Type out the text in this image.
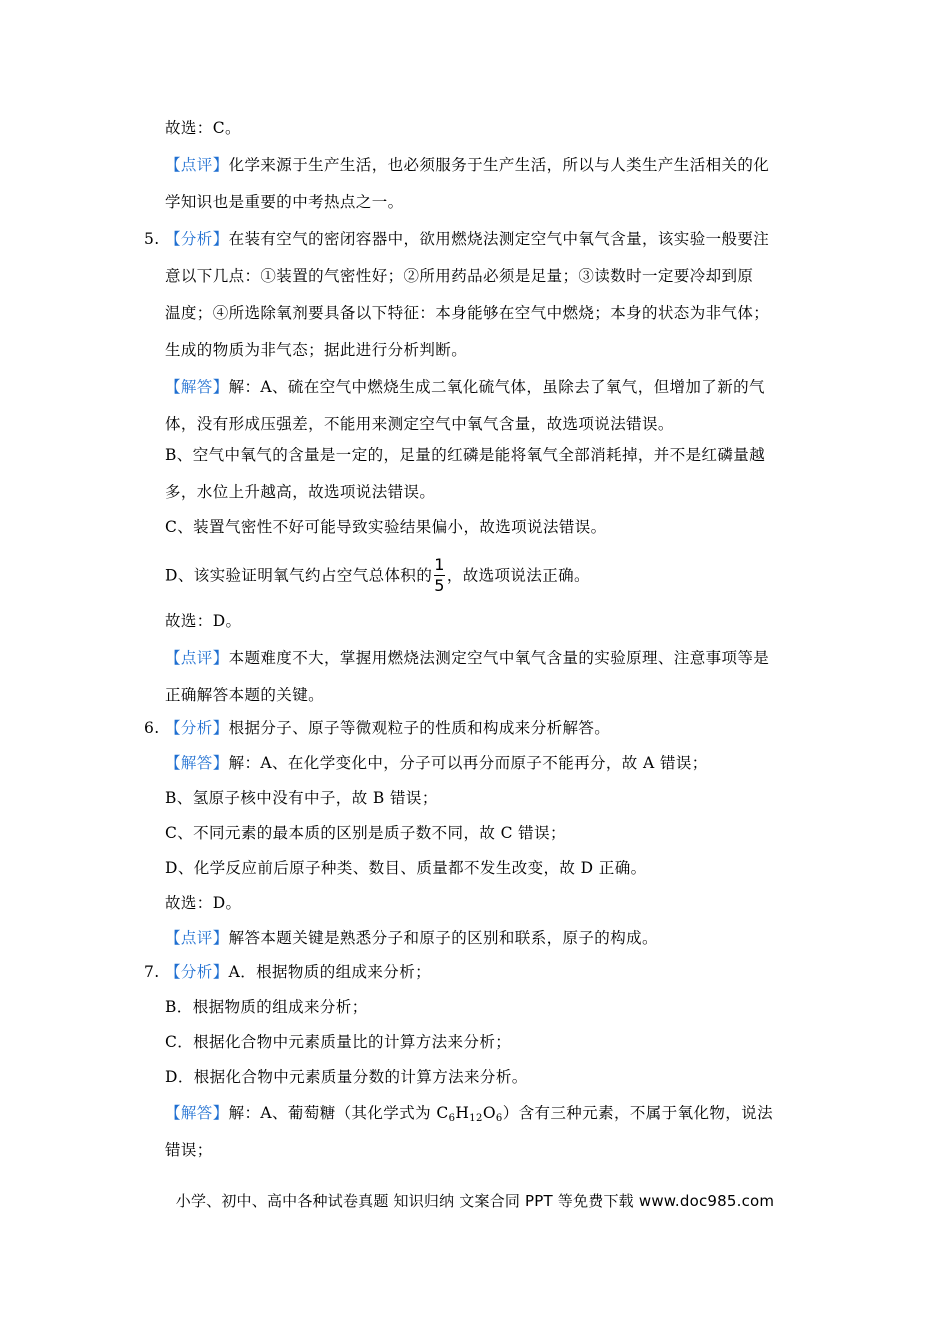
故选：C。
【点评】化学来源于生产生活，也必须服务于生产生活，所以与人类生产生活相关的化
学知识也是重要的中考热点之一。
5. 【分析】在装有空气的密闭容器中，欲用燃烧法测定空气中氧气含量，该实验一般要注
意以下几点：①装置的气密性好；②所用药品必须是足量；③读数时一定要冷却到原
温度；④所选除氧剂要具备以下特征：本身能够在空气中燃烧；本身的状态为非气体；
生成的物质为非气态；据此进行分析判断。
【解答】解：A、硫在空气中燃烧生成二氧化硫气体，虽除去了氧气，但增加了新的气
体，没有形成压强差，不能用来测定空气中氧气含量，故选项说法错误。
B、空气中氧气的含量是一定的，足量的红磷是能将氧气全部消耗掉，并不是红磷量越
多，水位上升越高，故选项说法错误。
C、装置气密性不好可能导致实验结果偏小，故选项说法错误。
D、该实验证明氧气约占空气总体积的 $\frac{1}{5}$ ，故选项说法正确。
故选：D。
【点评】本题难度不大，掌握用燃烧法测定空气中氧气含量的实验原理、注意事项等是
正确解答本题的关键。
6. 【分析】根据分子、原子等微观粒子的性质和构成来分析解答。
【解答】解：A、在化学变化中，分子可以再分而原子不能再分，故 A 错误；
B、氢原子核中没有中子，故 B 错误；
C、不同元素的最本质的区别是质子数不同，故 C 错误；
D、化学反应前后原子种类、数目、质量都不发生改变，故 D 正确。
故选：D。
【点评】解答本题关键是熟悉分子和原子的区别和联系，原子的构成。
7. 【分析】A．根据物质的组成来分析；
B．根据物质的组成来分析；
C．根据化合物中元素质量比的计算方法来分析；
D．根据化合物中元素质量分数的计算方法来分析。
【解答】解：A、葡萄糖（其化学式为 $C_6H_{12}O_6$）含有三种元素，不属于氧化物，说法
错误；
小学、初中、高中各种试卷真题 知识归纳 文案合同 PPT 等免费下载 www.doc985.com
